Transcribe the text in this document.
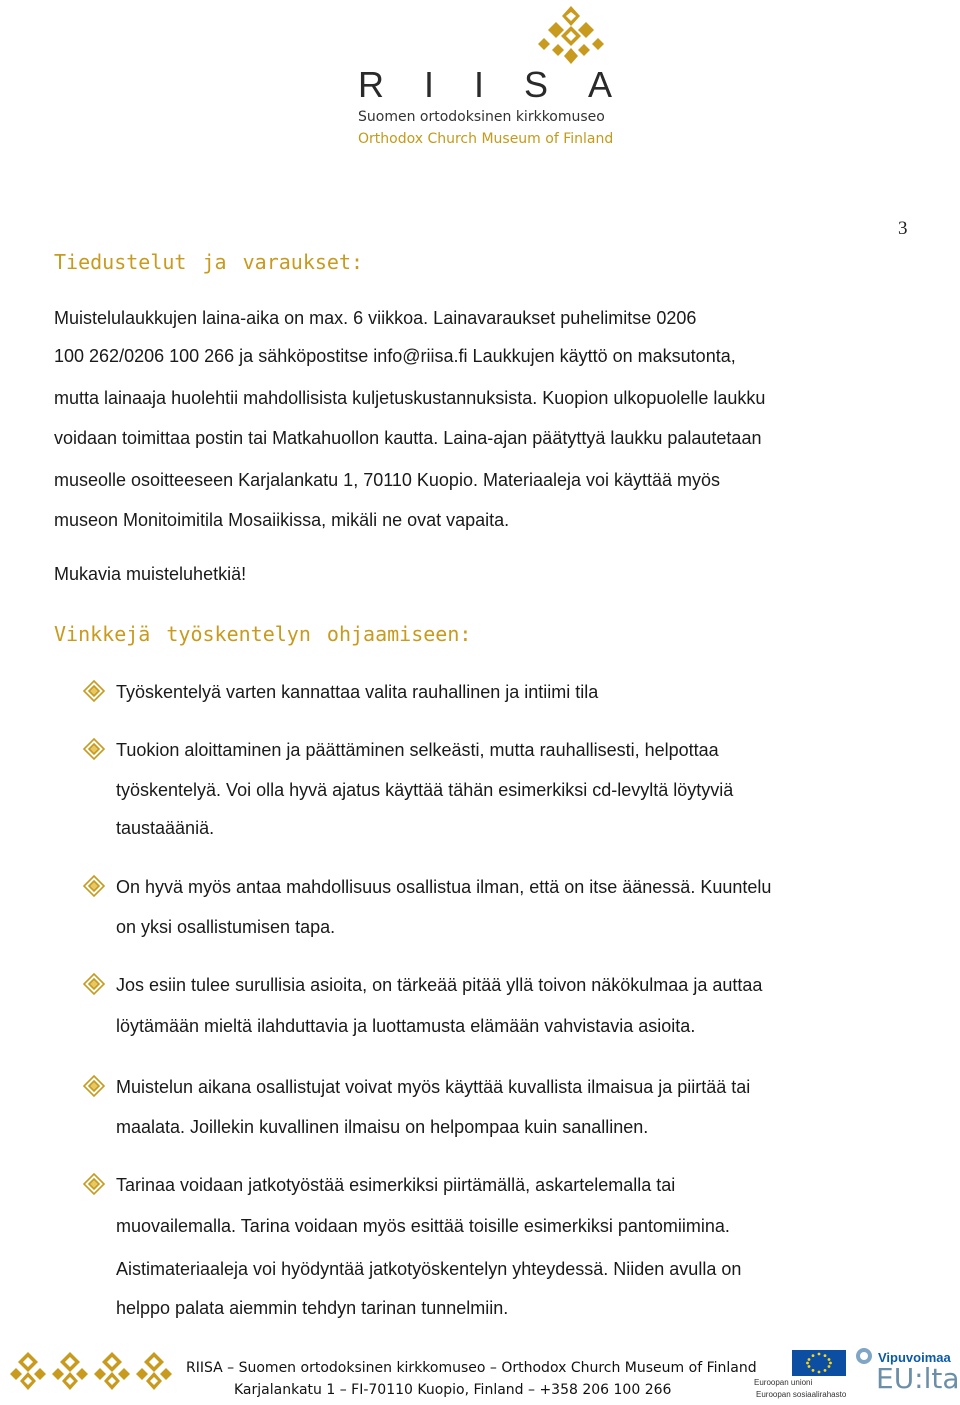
R I I S A
Suomen ortodoksinen kirkkomuseo
Orthodox Church Museum of Finland
3
Tiedustelut ja varaukset:
Muistelulaukkujen laina-aika on max. 6 viikkoa. Lainavaraukset puhelimitse 0206
100 262/0206 100 266 ja sähköpostitse info@riisa.fi Laukkujen käyttö on maksutonta,
mutta lainaaja huolehtii mahdollisista kuljetuskustannuksista. Kuopion ulkopuolelle laukku
voidaan toimittaa postin tai Matkahuollon kautta. Laina-ajan päätyttyä laukku palautetaan
museolle osoitteeseen Karjalankatu 1, 70110 Kuopio. Materiaaleja voi käyttää myös
museon Monitoimitila Mosaiikissa, mikäli ne ovat vapaita.
Mukavia muisteluhetkiä!
Vinkkejä työskentelyn ohjaamiseen:
Työskentelyä varten kannattaa valita rauhallinen ja intiimi tila
Tuokion aloittaminen ja päättäminen selkeästi, mutta rauhallisesti, helpottaa
työskentelyä. Voi olla hyvä ajatus käyttää tähän esimerkiksi cd-levyltä löytyviä
taustaääniä.
On hyvä myös antaa mahdollisuus osallistua ilman, että on itse äänessä. Kuuntelu
on yksi osallistumisen tapa.
Jos esiin tulee surullisia asioita, on tärkeää pitää yllä toivon näkökulmaa ja auttaa
löytämään mieltä ilahduttavia ja luottamusta elämään vahvistavia asioita.
Muistelun aikana osallistujat voivat myös käyttää kuvallista ilmaisua ja piirtää tai
maalata. Joillekin kuvallinen ilmaisu on helpompaa kuin sanallinen.
Tarinaa voidaan jatkotyöstää esimerkiksi piirtämällä, askartelemalla tai
muovailemalla. Tarina voidaan myös esittää toisille esimerkiksi pantomiimina.
Aistimateriaaleja voi hyödyntää jatkotyöskentelyn yhteydessä. Niiden avulla on
helppo palata aiemmin tehdyn tarinan tunnelmiin.
RIISA – Suomen ortodoksinen kirkkomuseo – Orthodox Church Museum of Finland
Karjalankatu 1 – FI-70110 Kuopio, Finland – +358 206 100 266	Euroopan unioni
Euroopan sosiaalirahasto
Vipuvoimaa
EU:lta
